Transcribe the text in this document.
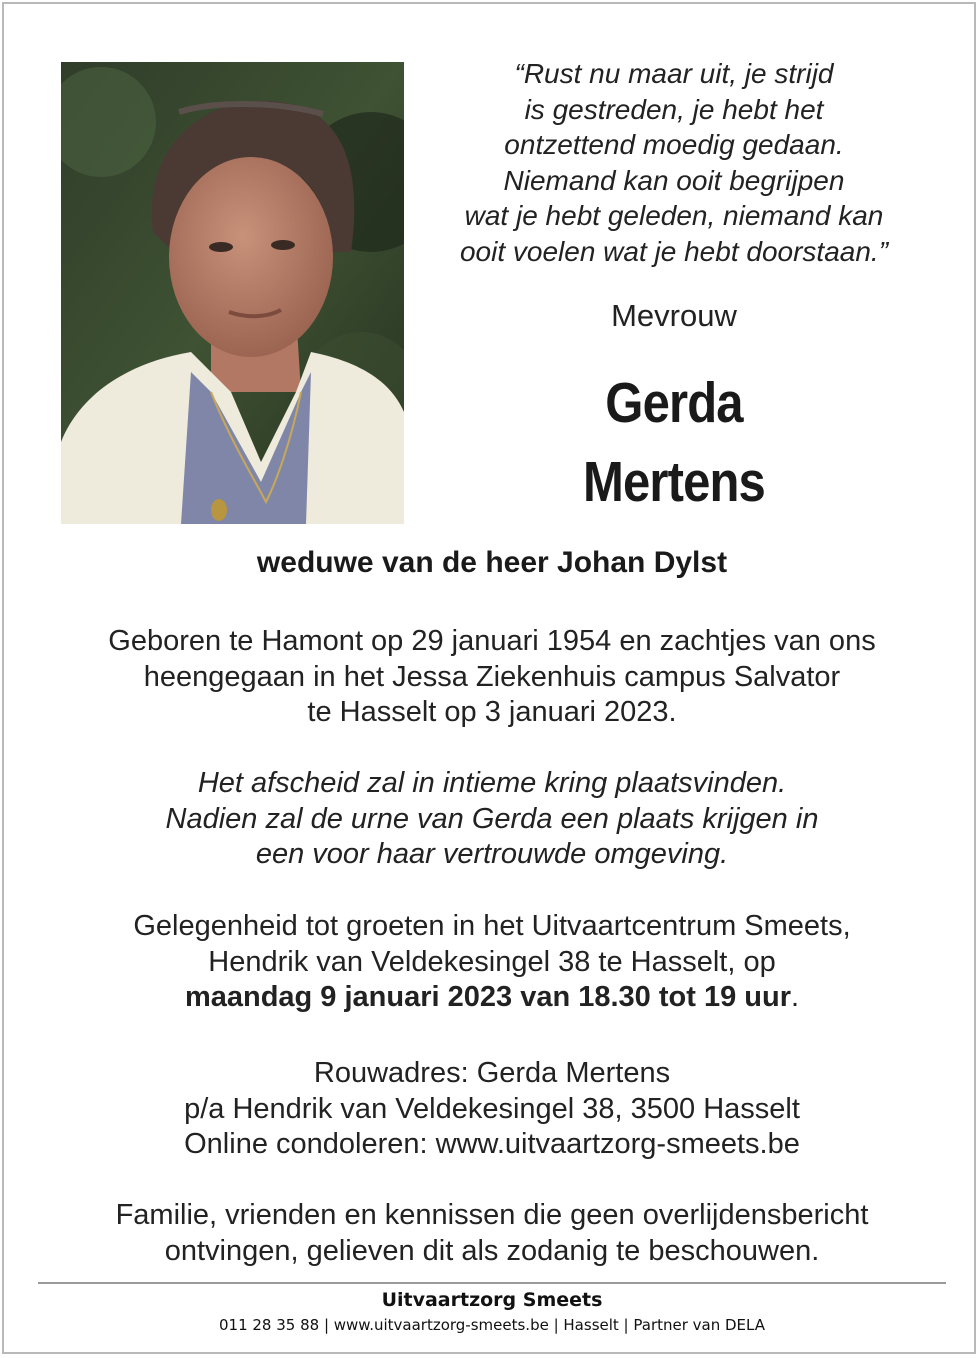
“Rust nu maar uit, je strijd
is gestreden, je hebt het
ontzettend moedig gedaan.
Niemand kan ooit begrijpen
wat je hebt geleden, niemand kan
ooit voelen wat je hebt doorstaan.”
Mevrouw
Gerda
Mertens
weduwe van de heer Johan Dylst
Geboren te Hamont op 29 januari 1954 en zachtjes van ons
heengegaan in het Jessa Ziekenhuis campus Salvator
te Hasselt op 3 januari 2023.
Het afscheid zal in intieme kring plaatsvinden.
Nadien zal de urne van Gerda een plaats krijgen in
een voor haar vertrouwde omgeving.
Gelegenheid tot groeten in het Uitvaartcentrum Smeets,
Hendrik van Veldekesingel 38 te Hasselt, op
maandag 9 januari 2023 van 18.30 tot 19 uur.
Rouwadres: Gerda Mertens
p/a Hendrik van Veldekesingel 38, 3500 Hasselt
Online condoleren: www.uitvaartzorg-smeets.be
Familie, vrienden en kennissen die geen overlijdensbericht
ontvingen, gelieven dit als zodanig te beschouwen.
Uitvaartzorg Smeets
011 28 35 88 | www.uitvaartzorg-smeets.be | Hasselt | Partner van DELA
